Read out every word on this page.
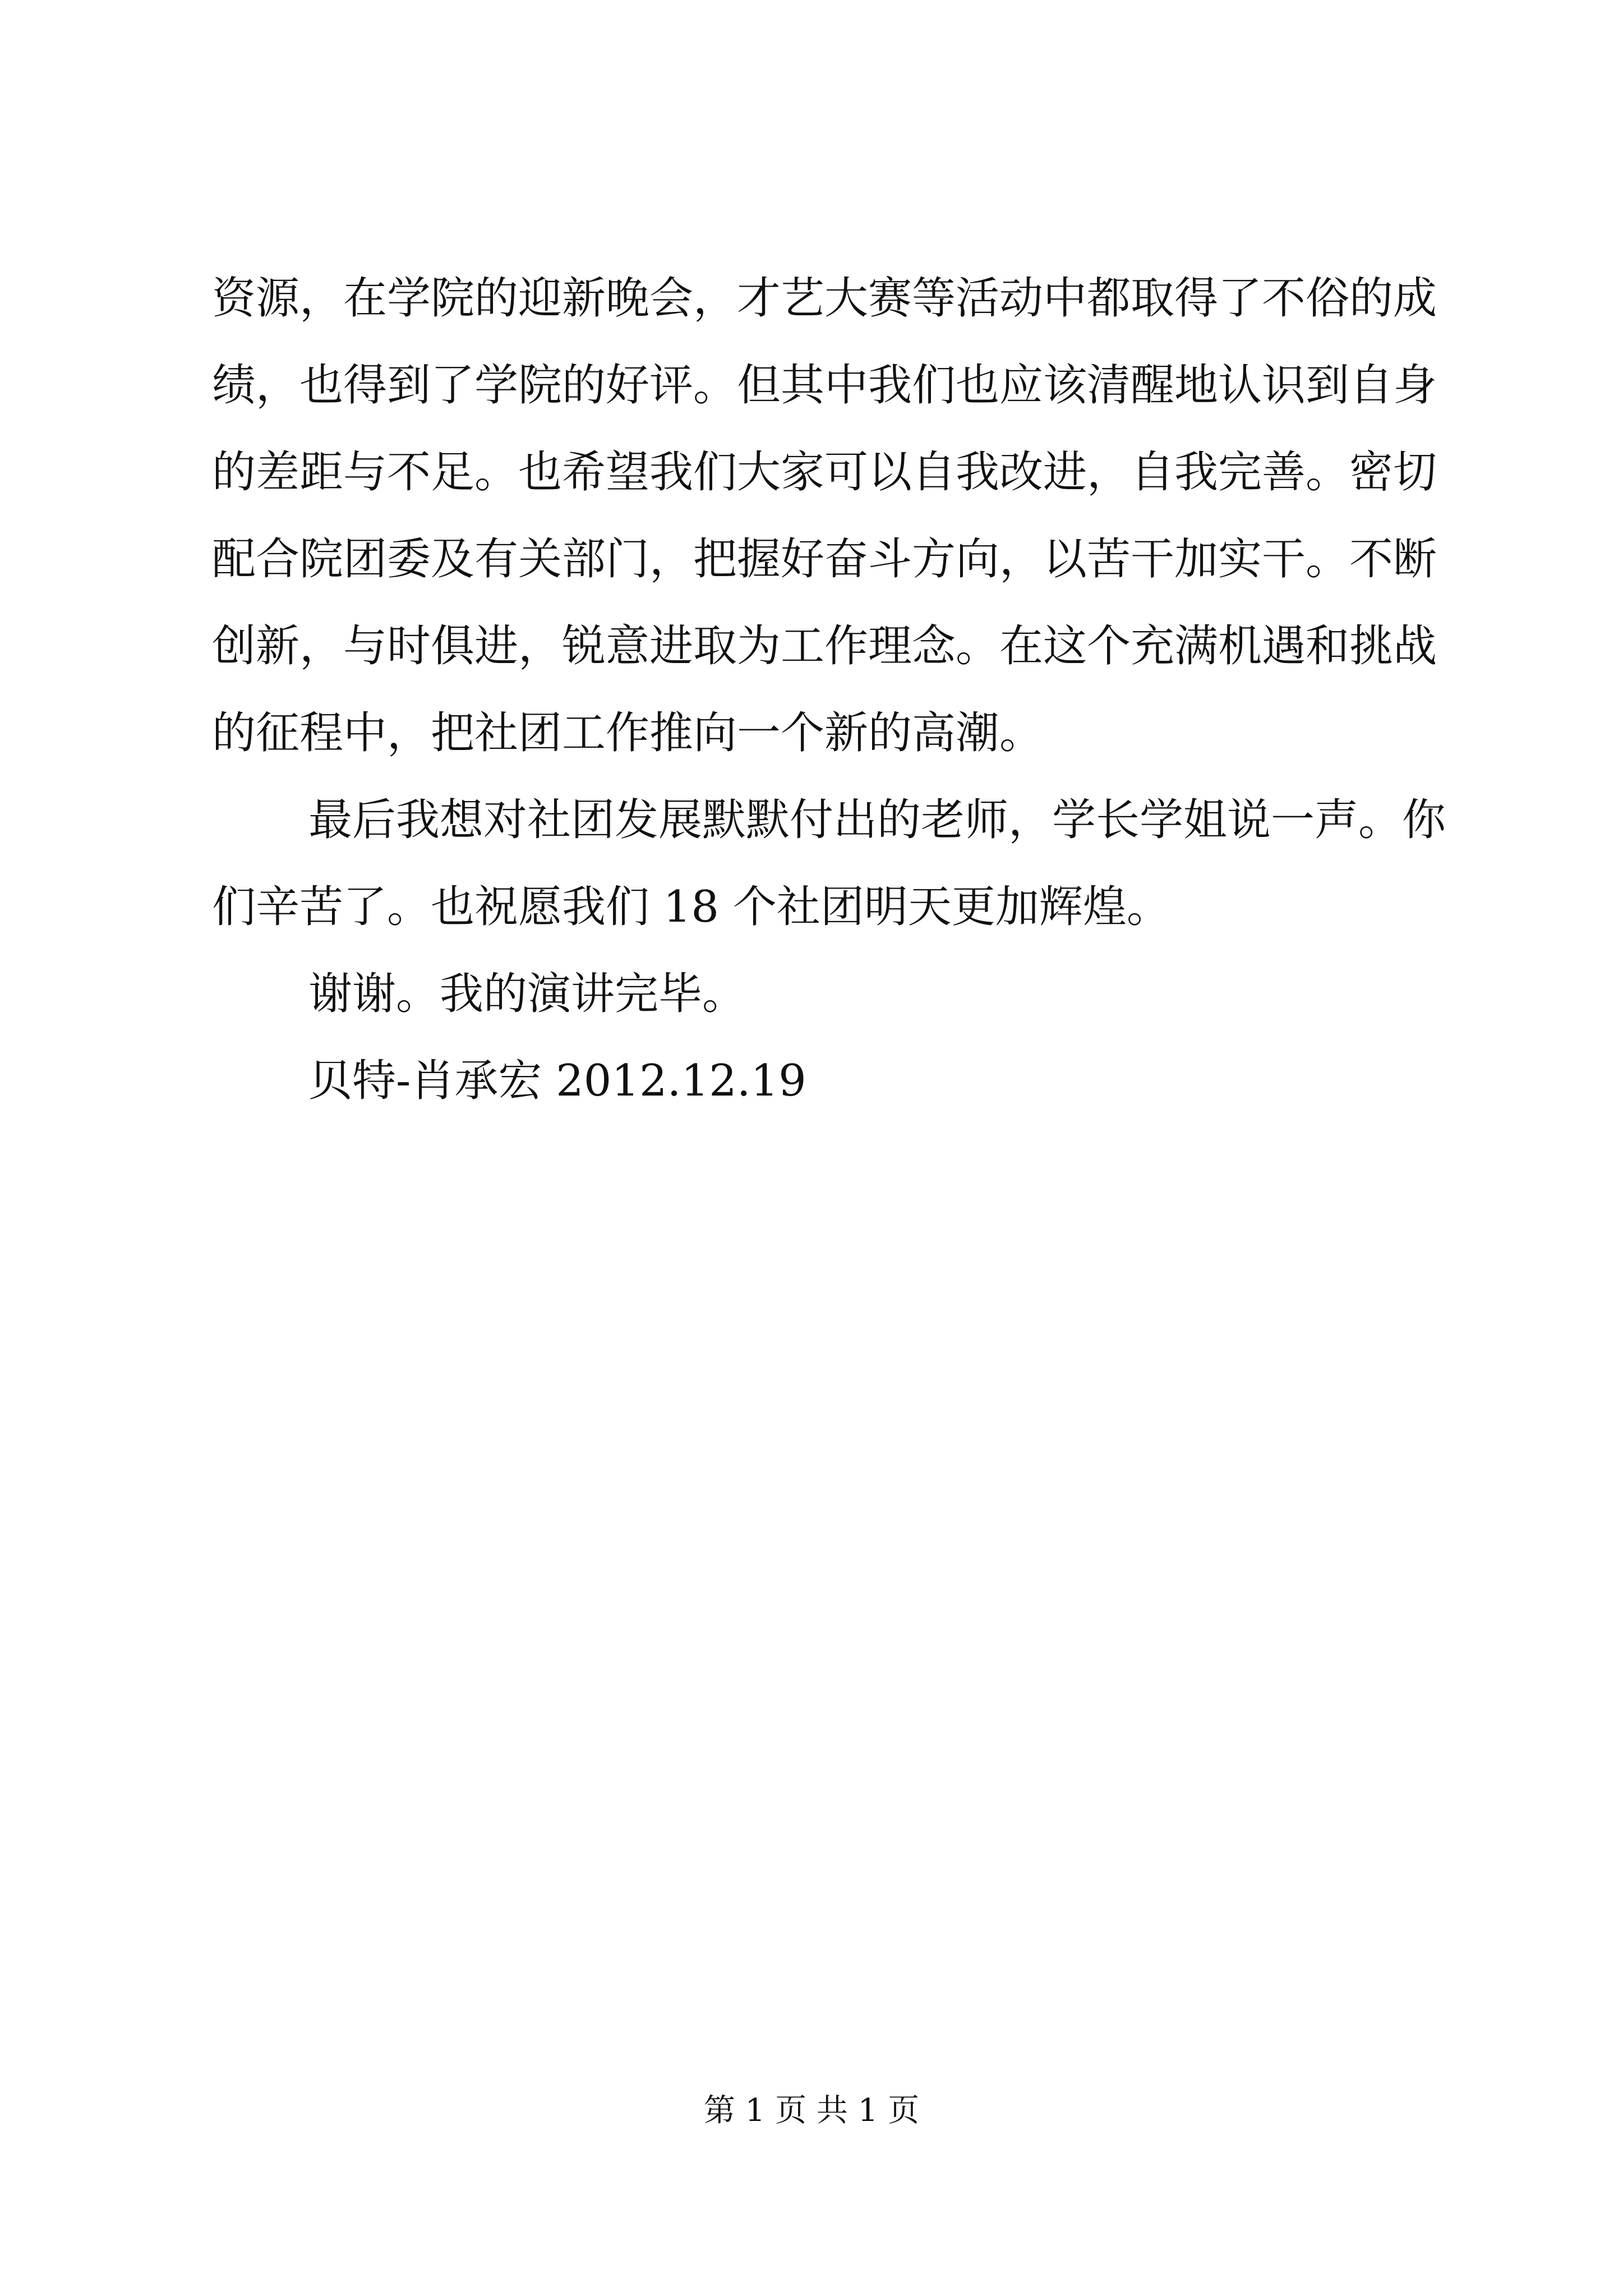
资源，在学院的迎新晚会，才艺大赛等活动中都取得了不俗的成

绩，也得到了学院的好评。但其中我们也应该清醒地认识到自身

的差距与不足。也希望我们大家可以自我改进，自我完善。密切

配合院团委及有关部门，把握好奋斗方向，以苦干加实干。不断

创新，与时俱进，锐意进取为工作理念。在这个充满机遇和挑战

的征程中，把社团工作推向一个新的高潮。

最后我想对社团发展默默付出的老师，学长学姐说一声。你

们辛苦了。也祝愿我们 18 个社团明天更加辉煌。

谢谢。我的演讲完毕。

贝特-肖承宏 2012.12.19

第 1 页 共 1 页
